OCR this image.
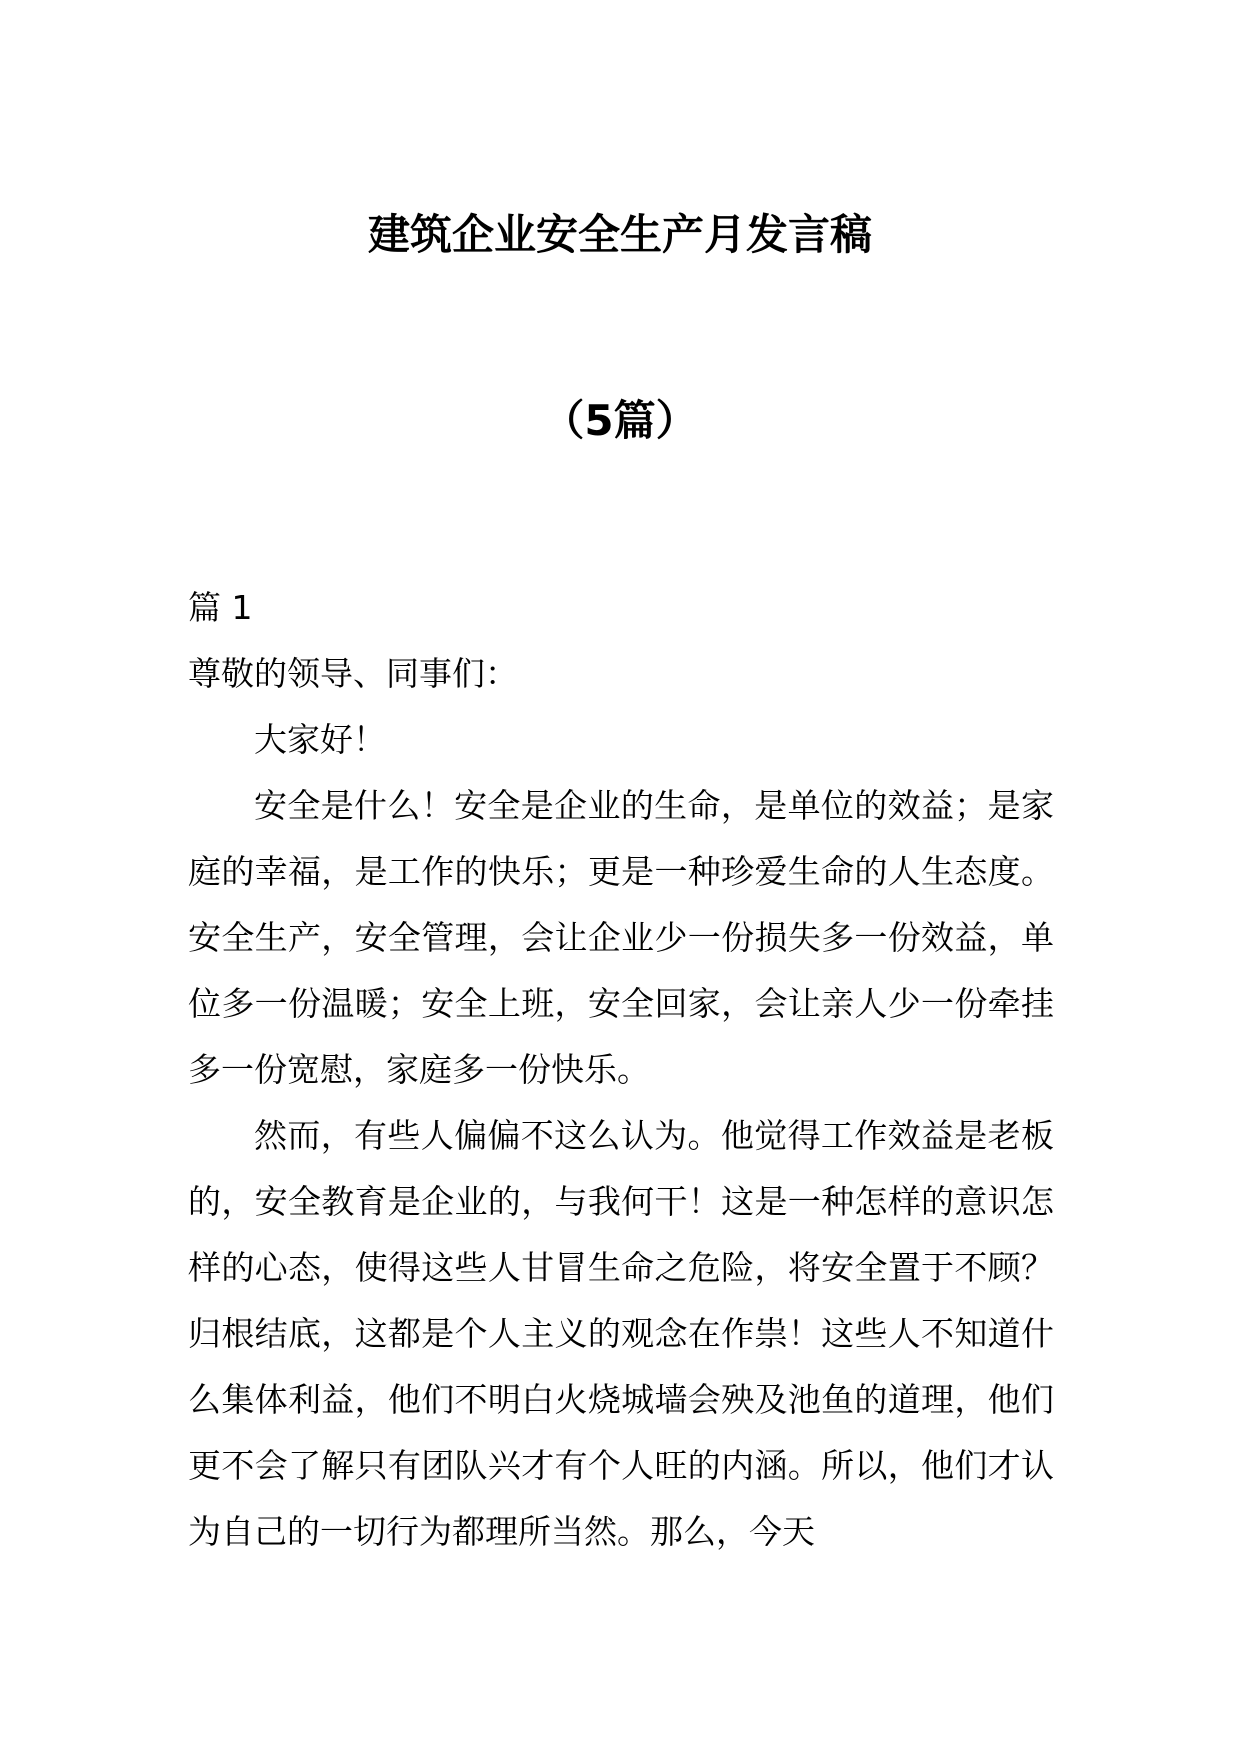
建筑企业安全生产月发言稿
（5篇）

篇 1

尊敬的领导、同事们：

大家好！

安全是什么！安全是企业的生命，是单位的效益；是家庭的幸福，是工作的快乐；更是一种珍爱生命的人生态度。安全生产，安全管理，会让企业少一份损失多一份效益，单位多一份温暖；安全上班，安全回家，会让亲人少一份牵挂多一份宽慰，家庭多一份快乐。

然而，有些人偏偏不这么认为。他觉得工作效益是老板的，安全教育是企业的，与我何干！这是一种怎样的意识怎样的心态，使得这些人甘冒生命之危险，将安全置于不顾？归根结底，这都是个人主义的观念在作祟！这些人不知道什么集体利益，他们不明白火烧城墙会殃及池鱼的道理，他们更不会了解只有团队兴才有个人旺的内涵。所以，他们才认为自己的一切行为都理所当然。那么，今天
